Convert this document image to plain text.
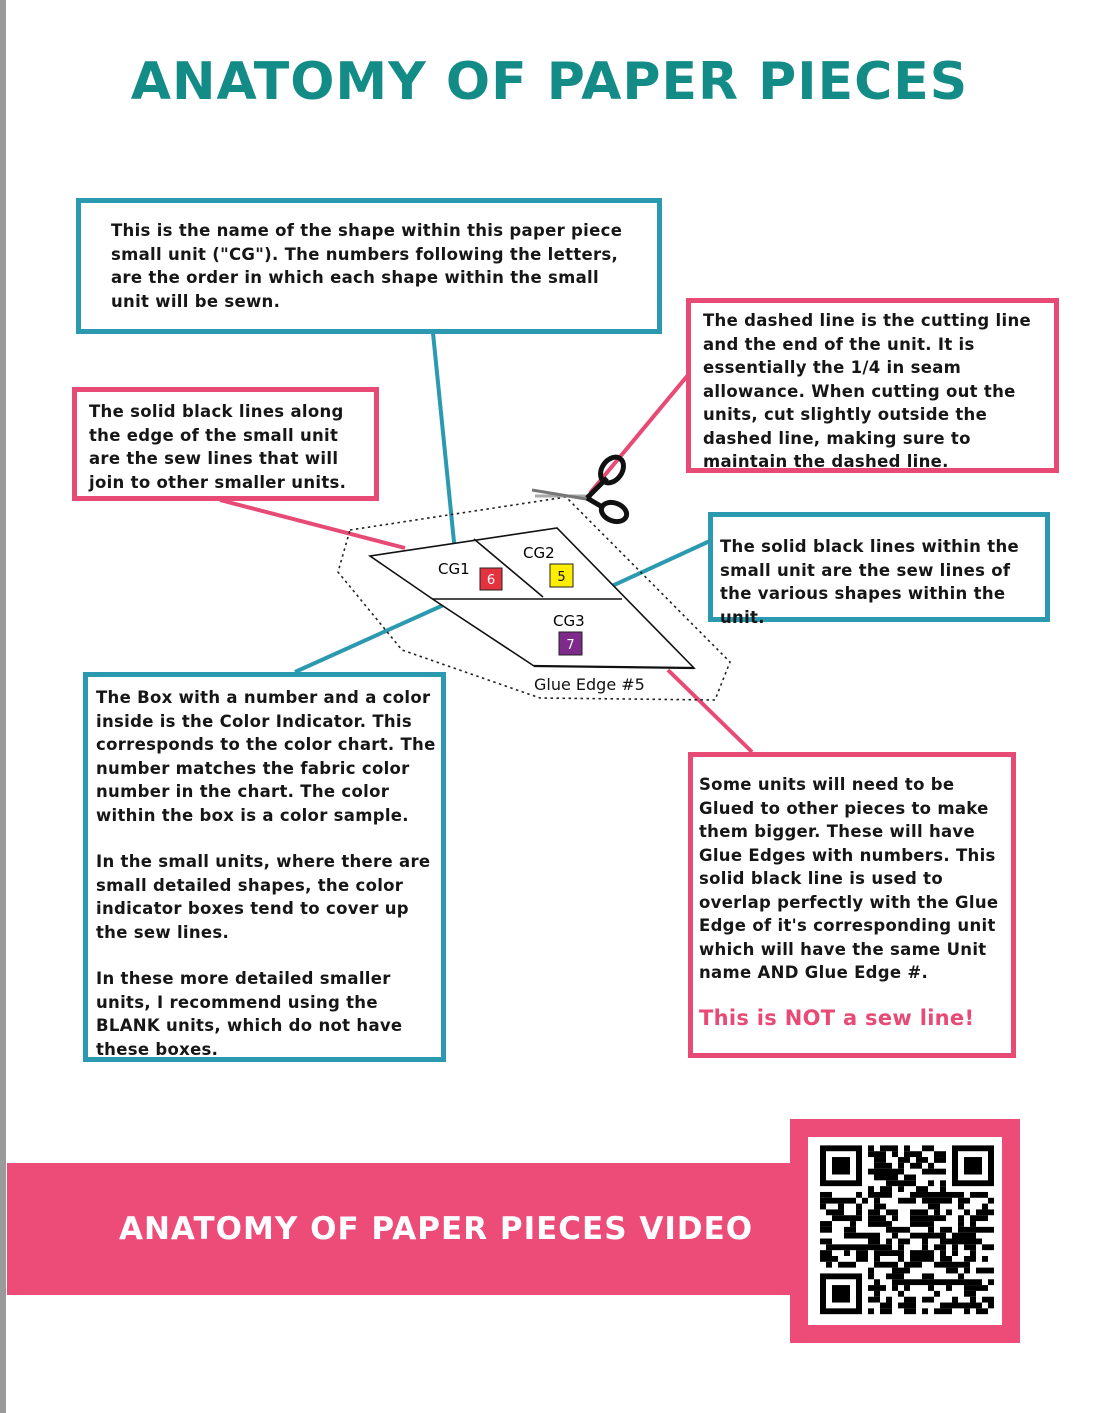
ANATOMY OF PAPER PIECES
CG1
CG2
CG3
6	5
7
Glue Edge #5

This is the name of the shape within this paper piece small unit ("CG"). The numbers following the letters, are the order in which each shape within the small unit will be sewn.

The dashed line is the cutting line and the end of the unit. It is essentially the 1/4 in seam allowance. When cutting out the units, cut slightly outside the dashed line, making sure to maintain the dashed line.

The solid black lines along the edge of the small unit are the sew lines that will join to other smaller units.

The solid black lines within the small unit are the sew lines of the various shapes within the unit.

The Box with a number and a color inside is the Color Indicator. This corresponds to the color chart. The number matches the fabric color number in the chart. The color within the box is a color sample.

In the small units, where there are small detailed shapes, the color indicator boxes tend to cover up the sew lines.

In these more detailed smaller units, I recommend using the BLANK units, which do not have these boxes.

Some units will need to be Glued to other pieces to make them bigger. These will have Glue Edges with numbers. This solid black line is used to overlap perfectly with the Glue Edge of it's corresponding unit which will have the same Unit name AND Glue Edge #.

This is NOT a sew line!

ANATOMY OF PAPER PIECES VIDEO
